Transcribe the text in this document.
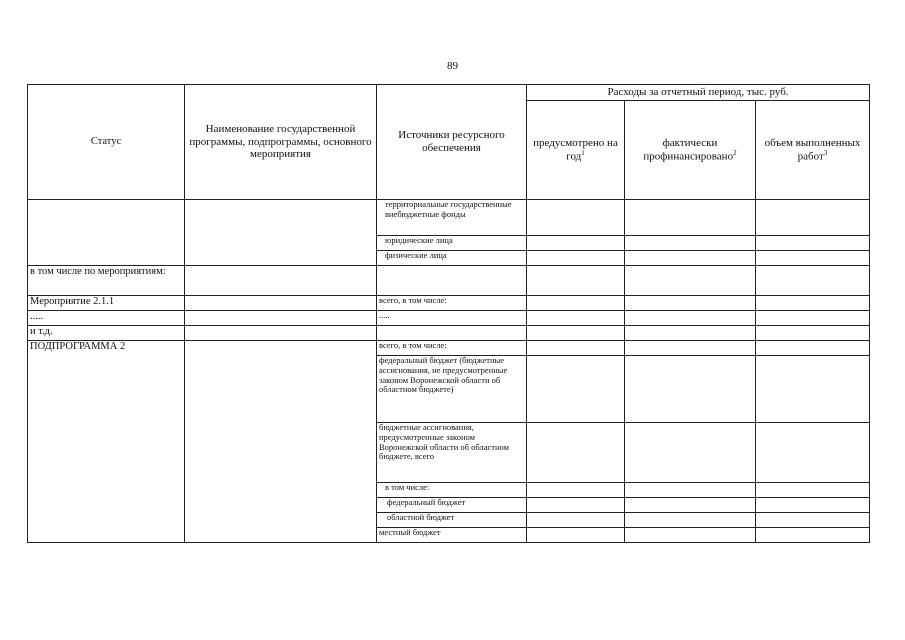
89
Статус	Наименование государственной программы, подпрограммы, основного мероприятия	Источники ресурсного обеспечения	Расходы за отчетный период, тыс. руб.		
			предусмотрено на год$^1$	фактически профинансировано$^2$	объем выполненных работ$^3$
		территориальные государственные внебюджетные фонды			
		юридические лица			
		физические лица			
в том числе по мероприятиям:					
Мероприятие 2.1.1		всего, в том числе:			
.....		.....			
и т.д.					
ПОДПРОГРАММА 2		всего, в том числе:			
		федеральный бюджет (бюджетные ассигнования, не предусмотренные законом Воронежской области об областном бюджете)			
		бюджетные ассигнования, предусмотренные законом Воронежской области об областном бюджете, всего			
		в том числе:			
		федеральный бюджет			
		областной бюджет			
		местный бюджет			
